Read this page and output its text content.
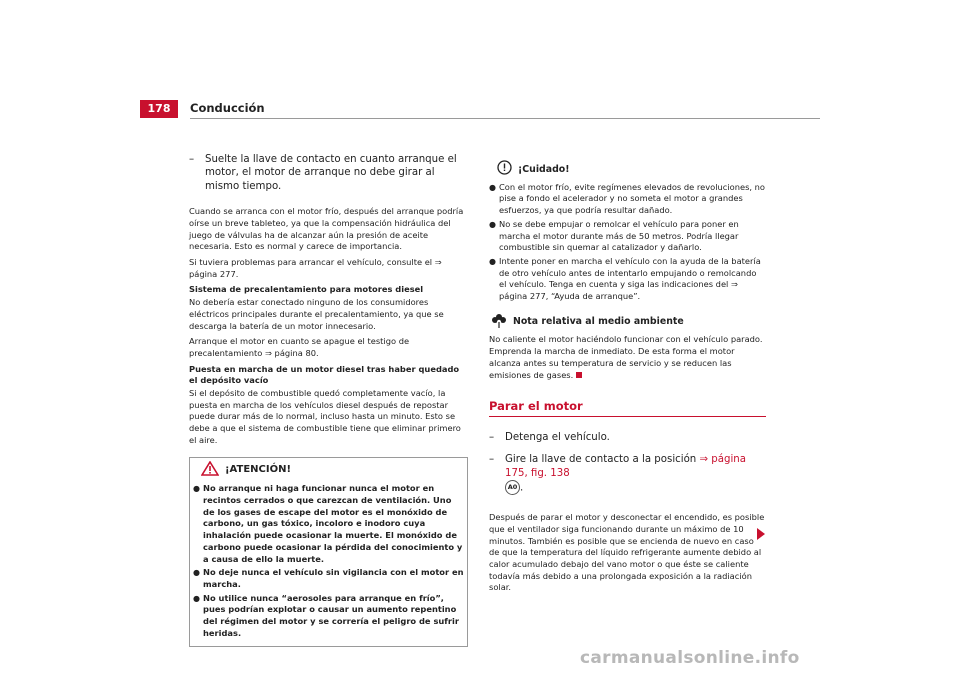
178	Conducción
– Suelte la llave de contacto en cuanto arranque el motor, el motor de arranque no debe girar al mismo tiempo.
Cuando se arranca con el motor frío, después del arranque podría oírse un breve tableteo, ya que la compensación hidráulica del juego de válvulas ha de alcanzar aún la presión de aceite necesaria. Esto es normal y carece de importancia.
Si tuviera problemas para arrancar el vehículo, consulte el ⇒ página 277.
Sistema de precalentamiento para motores diesel
No debería estar conectado ninguno de los consumidores eléctricos principales durante el precalentamiento, ya que se descarga la batería de un motor innecesario.
Arranque el motor en cuanto se apague el testigo de precalentamiento ⇒ página 80.
Puesta en marcha de un motor diesel tras haber quedado el depósito vacío
Si el depósito de combustible quedó completamente vacío, la puesta en marcha de los vehículos diesel después de repostar puede durar más de lo normal, incluso hasta un minuto. Esto se debe a que el sistema de combustible tiene que eliminar primero el aire.
¡ATENCIÓN!
● No arranque ni haga funcionar nunca el motor en recintos cerrados o que carezcan de ventilación. Uno de los gases de escape del motor es el monóxido de carbono, un gas tóxico, incoloro e inodoro cuya inhalación puede ocasionar la muerte. El monóxido de carbono puede ocasionar la pérdida del conocimiento y a causa de ello la muerte.
● No deje nunca el vehículo sin vigilancia con el motor en marcha.
● No utilice nunca “aerosoles para arranque en frío”, pues podrían explotar o causar un aumento repentino del régimen del motor y se correría el peligro de sufrir heridas.
¡Cuidado!
● Con el motor frío, evite regímenes elevados de revoluciones, no pise a fondo el acelerador y no someta el motor a grandes esfuerzos, ya que podría resultar dañado.
● No se debe empujar o remolcar el vehículo para poner en marcha el motor durante más de 50 metros. Podría llegar combustible sin quemar al catalizador y dañarlo.
● Intente poner en marcha el vehículo con la ayuda de la batería de otro vehículo antes de intentarlo empujando o remolcando el vehículo. Tenga en cuenta y siga las indicaciones del ⇒ página 277, “Ayuda de arranque”.
Nota relativa al medio ambiente
No caliente el motor haciéndolo funcionar con el vehículo parado. Emprenda la marcha de inmediato. De esta forma el motor alcanza antes su temperatura de servicio y se reducen las emisiones de gases.
Parar el motor
– Detenga el vehículo.
– Gire la llave de contacto a la posición ⇒ página 175, fig. 138
A0 .
Después de parar el motor y desconectar el encendido, es posible que el ventilador siga funcionando durante un máximo de 10 minutos. También es posible que se encienda de nuevo en caso de que la temperatura del líquido refrigerante aumente debido al calor acumulado debajo del vano motor o que éste se caliente todavía más debido a una prolongada exposición a la radiación solar.
carmanualsonline.info
